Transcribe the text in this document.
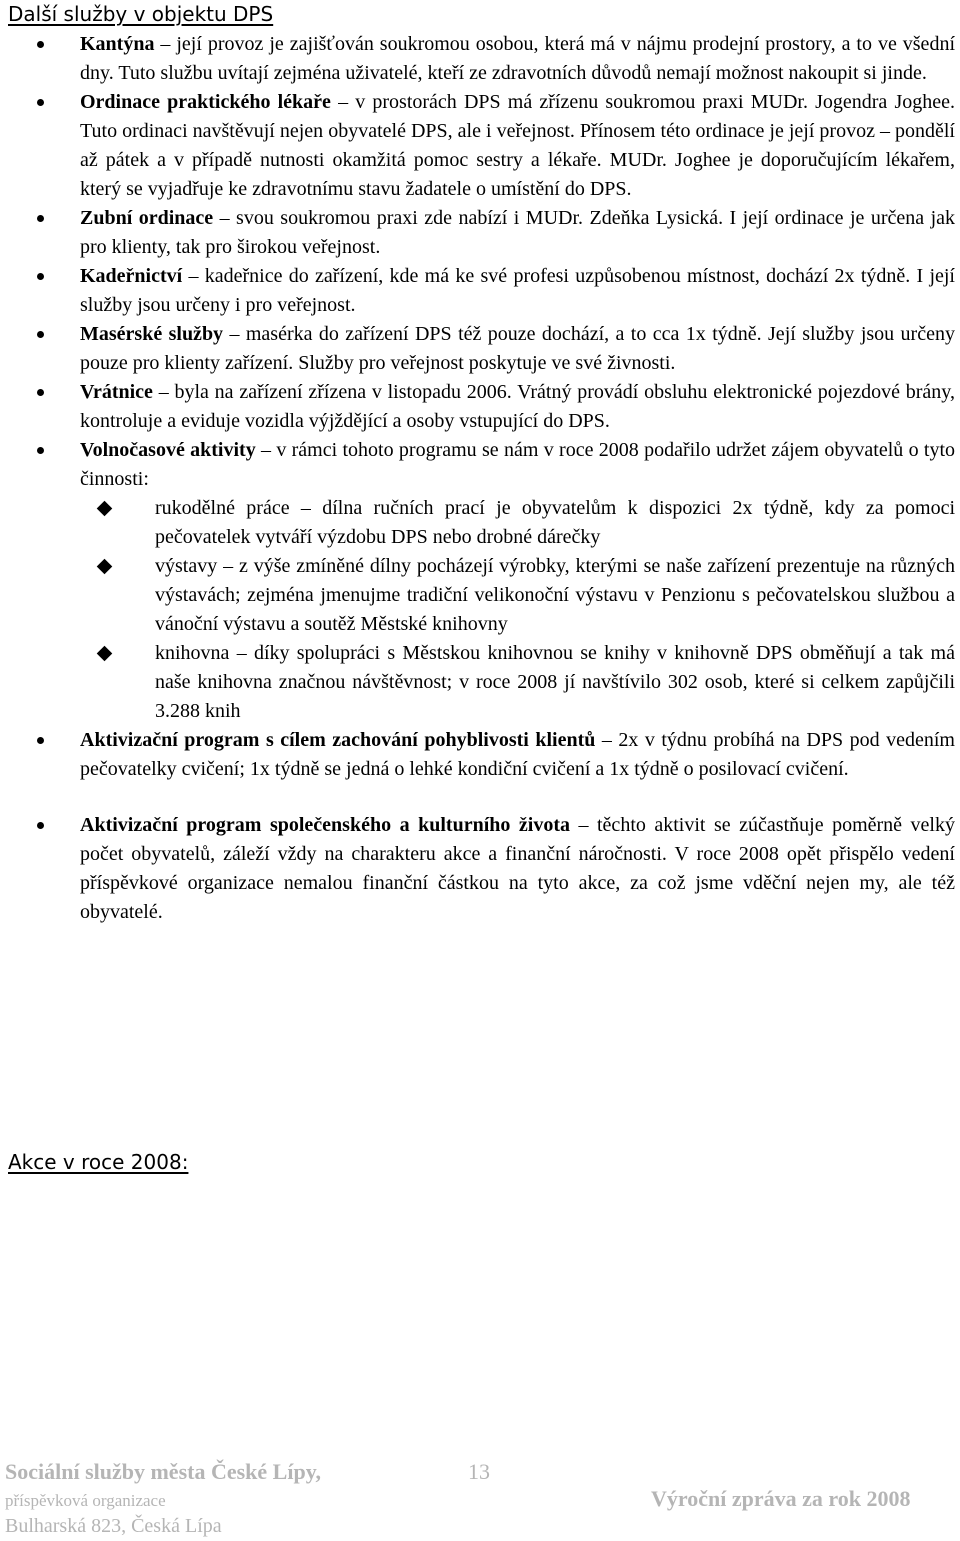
Další služby v objektu DPS
Kantýna – její provoz je zajišťován soukromou osobou, která má v nájmu prodejní prostory, a to ve všední dny. Tuto službu uvítají zejména uživatelé, kteří ze zdravotních důvodů nemají možnost nakoupit si jinde.
Ordinace praktického lékaře – v prostorách DPS má zřízenu soukromou praxi MUDr. Jogendra Joghee. Tuto ordinaci navštěvují nejen obyvatelé DPS, ale i veřejnost. Přínosem této ordinace je její provoz – pondělí až pátek a v případě nutnosti okamžitá pomoc sestry a lékaře. MUDr. Joghee je doporučujícím lékařem, který se vyjadřuje ke zdravotnímu stavu žadatele o umístění do DPS.
Zubní ordinace – svou soukromou praxi zde nabízí i MUDr. Zdeňka Lysická. I její ordinace je určena jak pro klienty, tak pro širokou veřejnost.
Kadeřnictví – kadeřnice do zařízení, kde má ke své profesi uzpůsobenou místnost, dochází 2x týdně. I její služby jsou určeny i pro veřejnost.
Masérské služby – masérka do zařízení DPS též pouze dochází, a to cca 1x týdně. Její služby jsou určeny pouze pro klienty zařízení. Služby pro veřejnost poskytuje ve své živnosti.
Vrátnice – byla na zařízení zřízena v listopadu 2006. Vrátný provádí obsluhu elektronické pojezdové brány, kontroluje a eviduje vozidla výjždějící a osoby vstupující do DPS.
Volnočasové aktivity – v rámci tohoto programu se nám v roce 2008 podařilo udržet zájem obyvatelů o tyto činnosti:
rukodělné práce – dílna ručních prací je obyvatelům k dispozici 2x týdně, kdy za pomoci pečovatelek vytváří výzdobu DPS nebo drobné dárečky
výstavy – z výše zmíněné dílny pocházejí výrobky, kterými se naše zařízení prezentuje na různých výstavách; zejména jmenujme tradiční velikonoční výstavu v Penzionu s pečovatelskou službou a vánoční výstavu a soutěž Městské knihovny
knihovna – díky spolupráci s Městskou knihovnou se knihy v knihovně DPS obměňují a tak má naše knihovna značnou návštěvnost; v roce 2008 jí navštívilo 302 osob, které si celkem zapůjčili 3.288 knih
Aktivizační program s cílem zachování pohyblivosti klientů – 2x v týdnu probíhá na DPS pod vedením pečovatelky cvičení; 1x týdně se jedná o lehké kondiční cvičení a 1x týdně o posilovací cvičení.
Aktivizační program společenského a kulturního života – těchto aktivit se zúčastňuje poměrně velký počet obyvatelů, záleží vždy na charakteru akce a finanční náročnosti. V roce 2008 opět přispělo vedení příspěvkové organizace nemalou finanční částkou na tyto akce, za což jsme vděční nejen my, ale též obyvatelé.
Akce v roce 2008:
Sociální služby města České Lípy,	13
příspěvková organizace	Výroční zpráva za rok 2008
Bulharská 823, Česká Lípa
